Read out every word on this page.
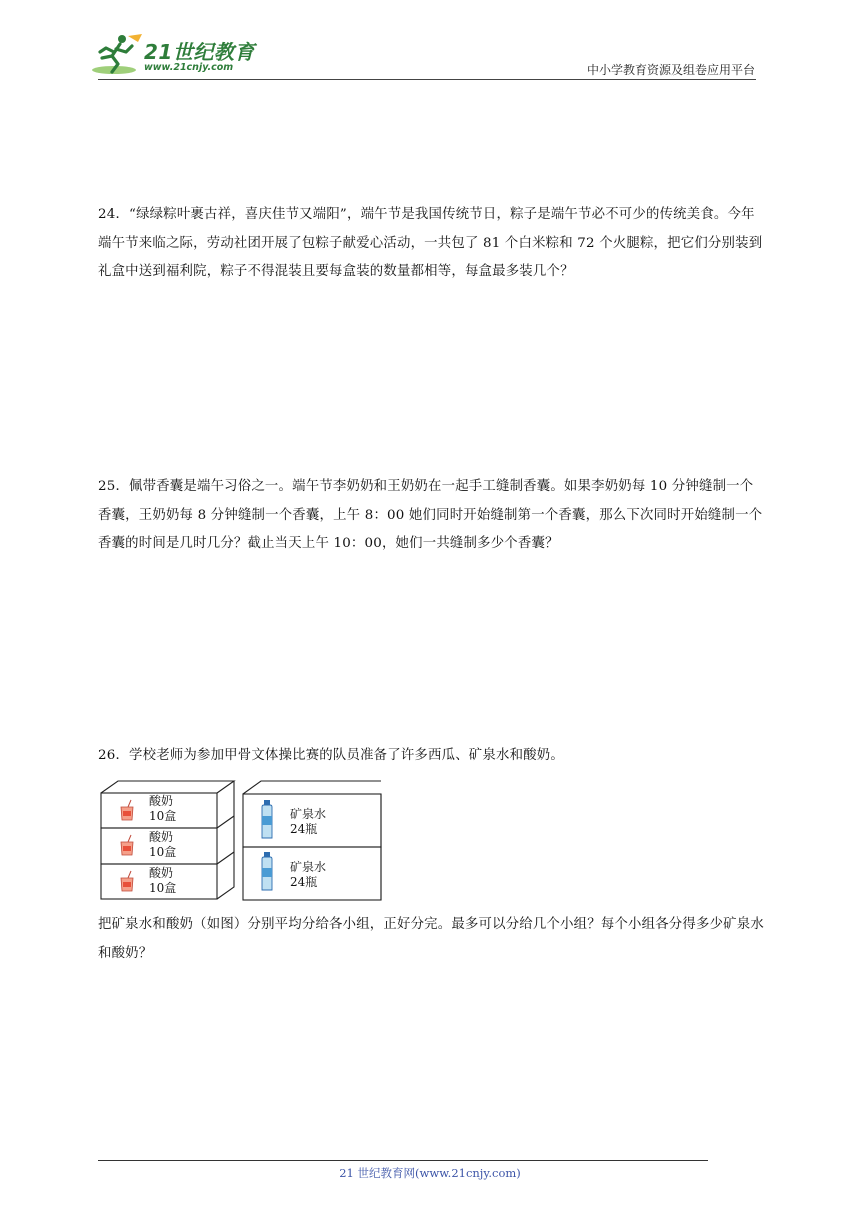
21世纪教育
www.21cnjy.com	中小学教育资源及组卷应用平台
24．“绿绿粽叶裹古祥，喜庆佳节又端阳”，端午节是我国传统节日，粽子是端午节必不可少的传统美食。今年端午节来临之际，劳动社团开展了包粽子献爱心活动，一共包了 81 个白米粽和 72 个火腿粽，把它们分别装到礼盒中送到福利院，粽子不得混装且要每盒装的数量都相等，每盒最多装几个？
25．佩带香囊是端午习俗之一。端午节李奶奶和王奶奶在一起手工缝制香囊。如果李奶奶每 10 分钟缝制一个香囊，王奶奶每 8 分钟缝制一个香囊，上午 8：00 她们同时开始缝制第一个香囊，那么下次同时开始缝制一个香囊的时间是几时几分？截止当天上午 10：00，她们一共缝制多少个香囊？
26．学校老师为参加甲骨文体操比赛的队员准备了许多西瓜、矿泉水和酸奶。
酸奶
10盒
酸奶
10盒
酸奶
10盒
矿泉水
24瓶
矿泉水
24瓶
把矿泉水和酸奶（如图）分别平均分给各小组，正好分完。最多可以分给几个小组？每个小组各分得多少矿泉水和酸奶？
21 世纪教育网(www.21cnjy.com)
